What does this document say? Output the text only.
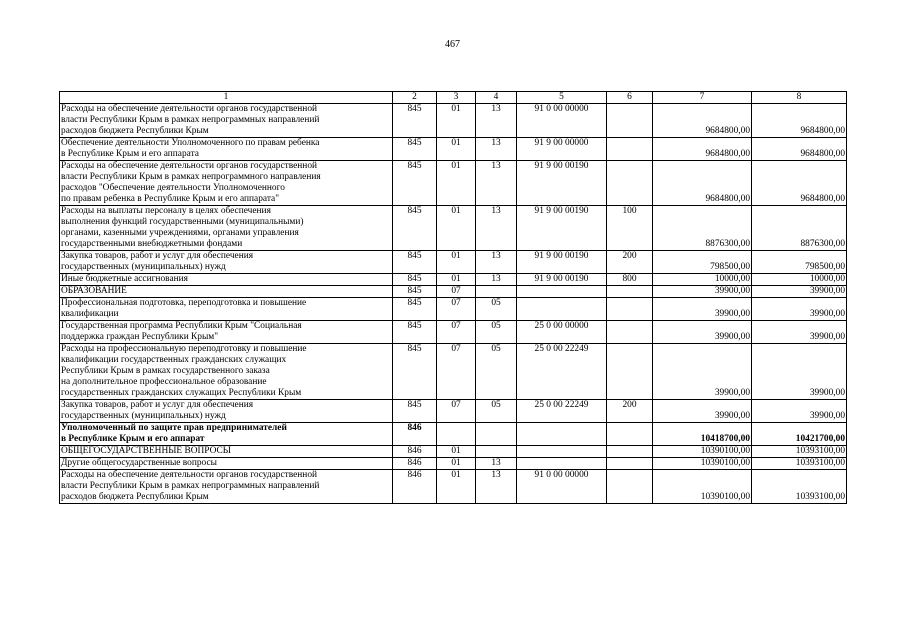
467
1	2	3	4	5	6	7	8

Расходы на обеспечение деятельности органов государственной
власти Республики Крым в рамках непрограммных направлений
расходов бюджета Республики Крым	845	01	13	91 0 00 00000		9684800,00	9684800,00

Обеспечение деятельности Уполномоченного по правам ребенка
в Республике Крым и его аппарата	845	01	13	91 9 00 00000		9684800,00	9684800,00

Расходы на обеспечение деятельности органов государственной
власти Республики Крым в рамках непрограммного направления
расходов "Обеспечение деятельности Уполномоченного
по правам ребенка в Республике Крым и его аппарата"	845	01	13	91 9 00 00190		9684800,00	9684800,00

Расходы на выплаты персоналу в целях обеспечения
выполнения функций государственными (муниципальными)
органами, казенными учреждениями, органами управления
государственными внебюджетными фондами	845	01	13	91 9 00 00190	100	8876300,00	8876300,00

Закупка товаров, работ и услуг для обеспечения
государственных (муниципальных) нужд	845	01	13	91 9 00 00190	200	798500,00	798500,00

Иные бюджетные ассигнования	845	01	13	91 9 00 00190	800	10000,00	10000,00

ОБРАЗОВАНИЕ	845	07				39900,00	39900,00

Профессиональная подготовка, переподготовка и повышение
квалификации	845	07	05			39900,00	39900,00

Государственная программа Республики Крым "Социальная
поддержка граждан Республики Крым"	845	07	05	25 0 00 00000		39900,00	39900,00

Расходы на профессиональную переподготовку и повышение
квалификации государственных гражданских служащих
Республики Крым в рамках государственного заказа
на дополнительное профессиональное образование
государственных гражданских служащих Республики Крым	845	07	05	25 0 00 22249		39900,00	39900,00

Закупка товаров, работ и услуг для обеспечения
государственных (муниципальных) нужд	845	07	05	25 0 00 22249	200	39900,00	39900,00

Уполномоченный по защите прав предпринимателей
в Республике Крым и его аппарат	846					10418700,00	10421700,00

ОБЩЕГОСУДАРСТВЕННЫЕ ВОПРОСЫ	846	01				10390100,00	10393100,00

Другие общегосударственные вопросы	846	01	13			10390100,00	10393100,00

Расходы на обеспечение деятельности органов государственной
власти Республики Крым в рамках непрограммных направлений
расходов бюджета Республики Крым	846	01	13	91 0 00 00000		10390100,00	10393100,00
